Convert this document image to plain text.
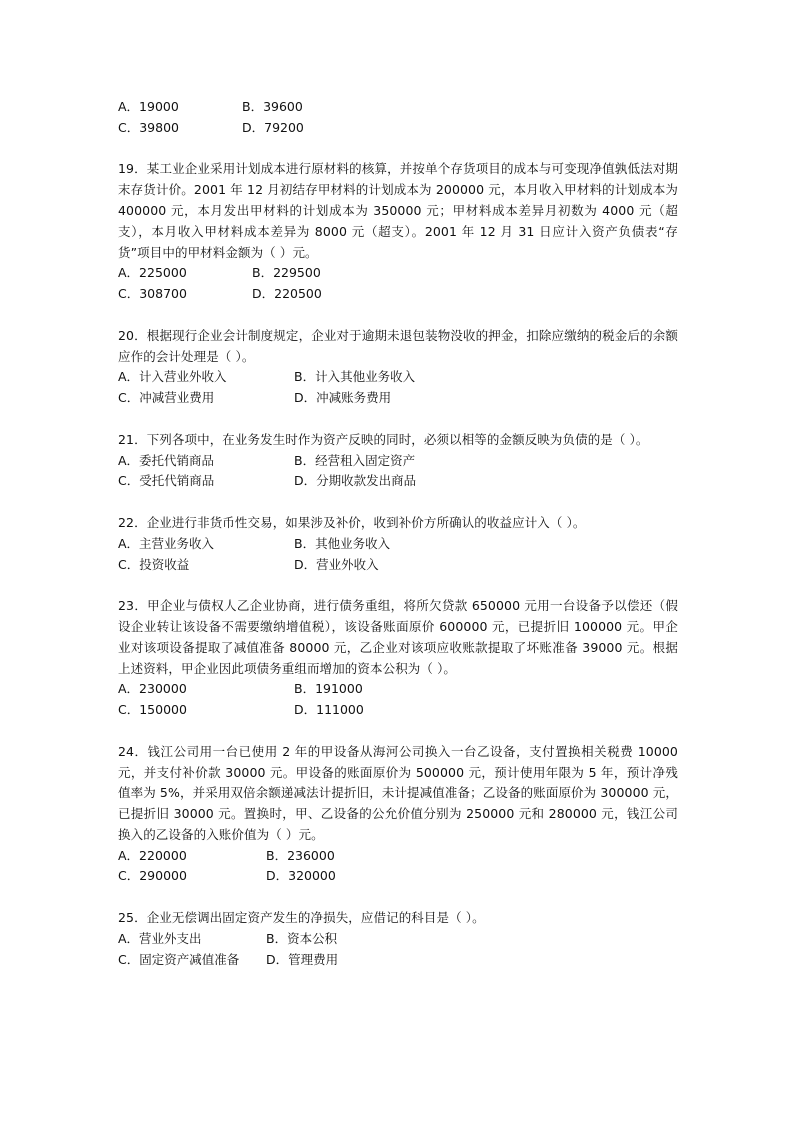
A．19000	B．39600
C．39800	D．79200

19．某工业企业采用计划成本进行原材料的核算，并按单个存货项目的成本与可变现净值孰低法对期末存货计价。2001 年 12 月初结存甲材料的计划成本为 200000 元，本月收入甲材料的计划成本为 400000 元，本月发出甲材料的计划成本为 350000 元；甲材料成本差异月初数为 4000 元（超支），本月收入甲材料成本差异为 8000 元（超支）。2001 年 12 月 31 日应计入资产负债表“存货”项目中的甲材料金额为（ ）元。

A．225000	B．229500
C．308700	D．220500

20．根据现行企业会计制度规定，企业对于逾期未退包装物没收的押金，扣除应缴纳的税金后的余额应作的会计处理是（ ）。

A．计入营业外收入	B．计入其他业务收入
C．冲减营业费用	D．冲减账务费用

21．下列各项中，在业务发生时作为资产反映的同时，必须以相等的金额反映为负债的是（ ）。

A．委托代销商品	B．经营租入固定资产
C．受托代销商品	D．分期收款发出商品

22．企业进行非货币性交易，如果涉及补价，收到补价方所确认的收益应计入（ ）。

A．主营业务收入	B．其他业务收入
C．投资收益	D．营业外收入

23．甲企业与债权人乙企业协商，进行债务重组，将所欠贷款 650000 元用一台设备予以偿还（假设企业转让该设备不需要缴纳增值税），该设备账面原价 600000 元，已提折旧 100000 元。甲企业对该项设备提取了减值准备 80000 元，乙企业对该项应收账款提取了坏账准备 39000 元。根据上述资料，甲企业因此项债务重组而增加的资本公积为（ ）。

A．230000	B．191000
C．150000	D．111000

24．钱江公司用一台已使用 2 年的甲设备从海河公司换入一台乙设备，支付置换相关税费 10000 元，并支付补价款 30000 元。甲设备的账面原价为 500000 元，预计使用年限为 5 年，预计净残值率为 5%，并采用双倍余额递减法计提折旧，未计提减值准备；乙设备的账面原价为 300000 元，已提折旧 30000 元。置换时，甲、乙设备的公允价值分别为 250000 元和 280000 元，钱江公司换入的乙设备的入账价值为（ ）元。

A．220000	B．236000
C．290000	D．320000

25．企业无偿调出固定资产发生的净损失，应借记的科目是（ ）。

A．营业外支出	B．资本公积
C．固定资产减值准备	D．管理费用
